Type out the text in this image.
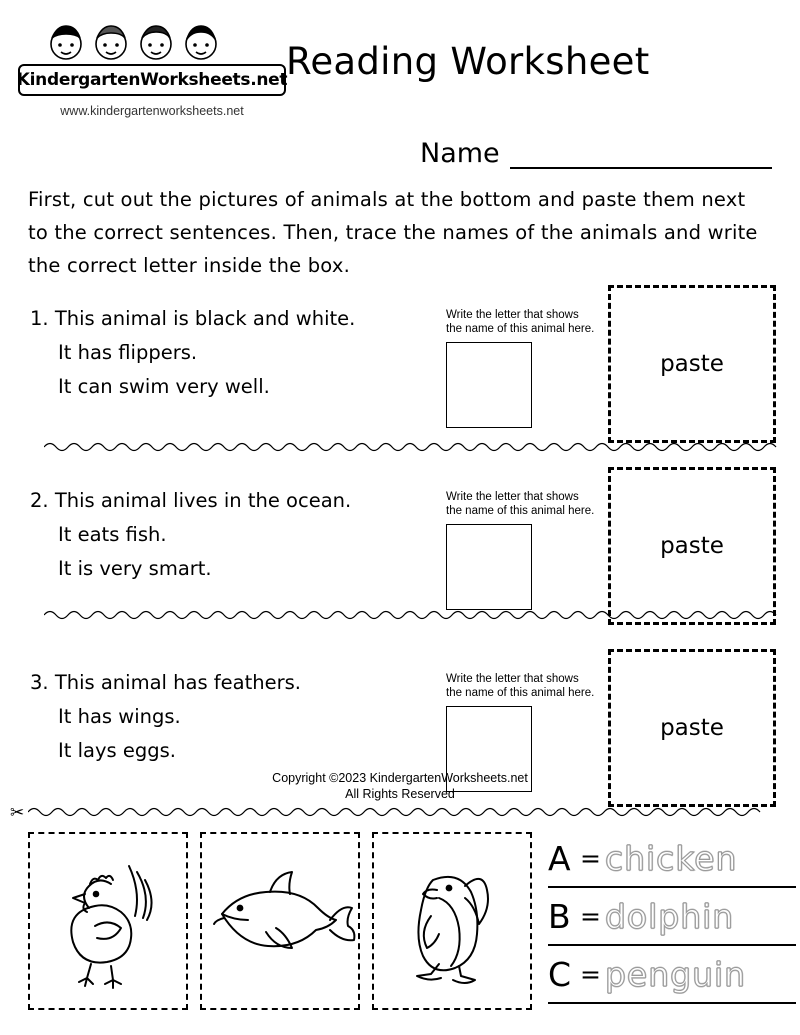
KindergartenWorksheets.net
www.kindergartenworksheets.net
Reading Worksheet
Name
First, cut out the pictures of animals at the bottom and paste them next to the correct sentences. Then, trace the names of the animals and write the correct letter inside the box.
1. This animal is black and white.
It has flippers.
It can swim very well.
Write the letter that shows the name of this animal here.
paste
2. This animal lives in the ocean.
It eats fish.
It is very smart.
Write the letter that shows the name of this animal here.
paste
3. This animal has feathers.
It has wings.
It lays eggs.
Write the letter that shows the name of this animal here.
paste
Copyright ©2023 KindergartenWorksheets.net
All Rights Reserved
✂
A = chicken
B = dolphin
C = penguin
